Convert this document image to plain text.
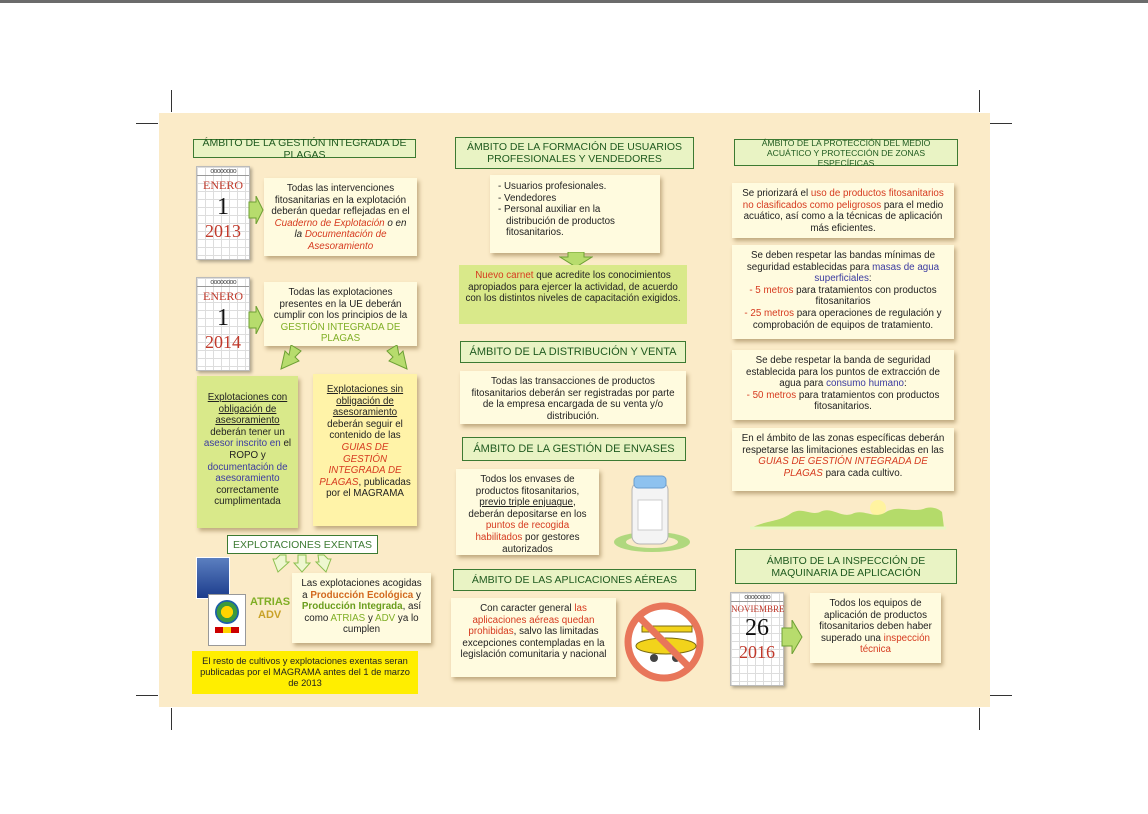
ÁMBITO DE LA GESTIÓN INTEGRADA DE PLAGAS
oooooooo
ENERO
1
2013
Todas las intervenciones fitosanitarias en la explotación deberán quedar reflejadas en el Cuaderno de Explotación o en la Documentación de Asesoramiento
oooooooo
ENERO
1
2014
Todas las explotaciones presentes en la UE deberán cumplir con los principios de la GESTIÓN INTEGRADA DE PLAGAS
Explotaciones con obligación de asesoramiento deberán tener un asesor inscrito en el ROPO y documentación de asesoramiento correctamente cumplimentada
Explotaciones sin obligación de asesoramiento deberán seguir el contenido de las GUIAS DE GESTIÓN INTEGRADA DE PLAGAS, publicadas por el MAGRAMA
EXPLOTACIONES EXENTAS
ATRIAS
ADV
Las explotaciones acogidas a Producción Ecológica y Producción Integrada, así como ATRIAS y ADV ya lo cumplen
El resto de cultivos y explotaciones exentas seran publicadas por el MAGRAMA antes del 1 de marzo de 2013
ÁMBITO DE LA FORMACIÓN DE USUARIOS PROFESIONALES Y VENDEDORES
- Usuarios profesionales.
- Vendedores
- Personal auxiliar en la distribución de productos fitosanitarios.
Nuevo carnet que acredite los conocimientos apropiados para ejercer la actividad, de acuerdo con los distintos niveles de capacitación exigidos.
ÁMBITO DE LA DISTRIBUCIÓN Y VENTA
Todas las transacciones de productos fitosanitarios deberán ser registradas por parte de la empresa encargada de su venta y/o distribución.
ÁMBITO DE LA GESTIÓN DE ENVASES
Todos los envases de productos fitosanitarios, previo triple enjuague, deberán depositarse en los puntos de recogida habilitados por gestores autorizados
ÁMBITO DE LAS APLICACIONES AÉREAS
Con caracter general las aplicaciones aéreas quedan prohibidas, salvo las limitadas excepciones contempladas en la legislación comunitaria y nacional
ÁMBITO DE LA PROTECCIÓN DEL MEDIO ACUÁTICO Y PROTECCIÓN DE ZONAS ESPECÍFICAS
Se priorizará el uso de productos fitosanitarios no clasificados como peligrosos para el medio acuático, así como a la técnicas de aplicación más eficientes.
Se deben respetar las bandas mínimas de seguridad establecidas para masas de agua superficiales:
- 5 metros para tratamientos con productos fitosanitarios
- 25 metros para operaciones de regulación y comprobación de equipos de tratamiento.
Se debe respetar la banda de seguridad establecida para los puntos de extracción de agua para consumo humano:
- 50 metros para tratamientos con productos fitosanitarios.
En el ámbito de las zonas específicas deberán respetarse las limitaciones establecidas en las GUIAS DE GESTIÓN INTEGRADA DE PLAGAS para cada cultivo.
ÁMBITO DE LA INSPECCIÓN DE MAQUINARIA DE APLICACIÓN
oooooooo
NOVIEMBRE
26
2016
Todos los equipos de aplicación de productos fitosanitarios deben haber superado una inspección técnica
